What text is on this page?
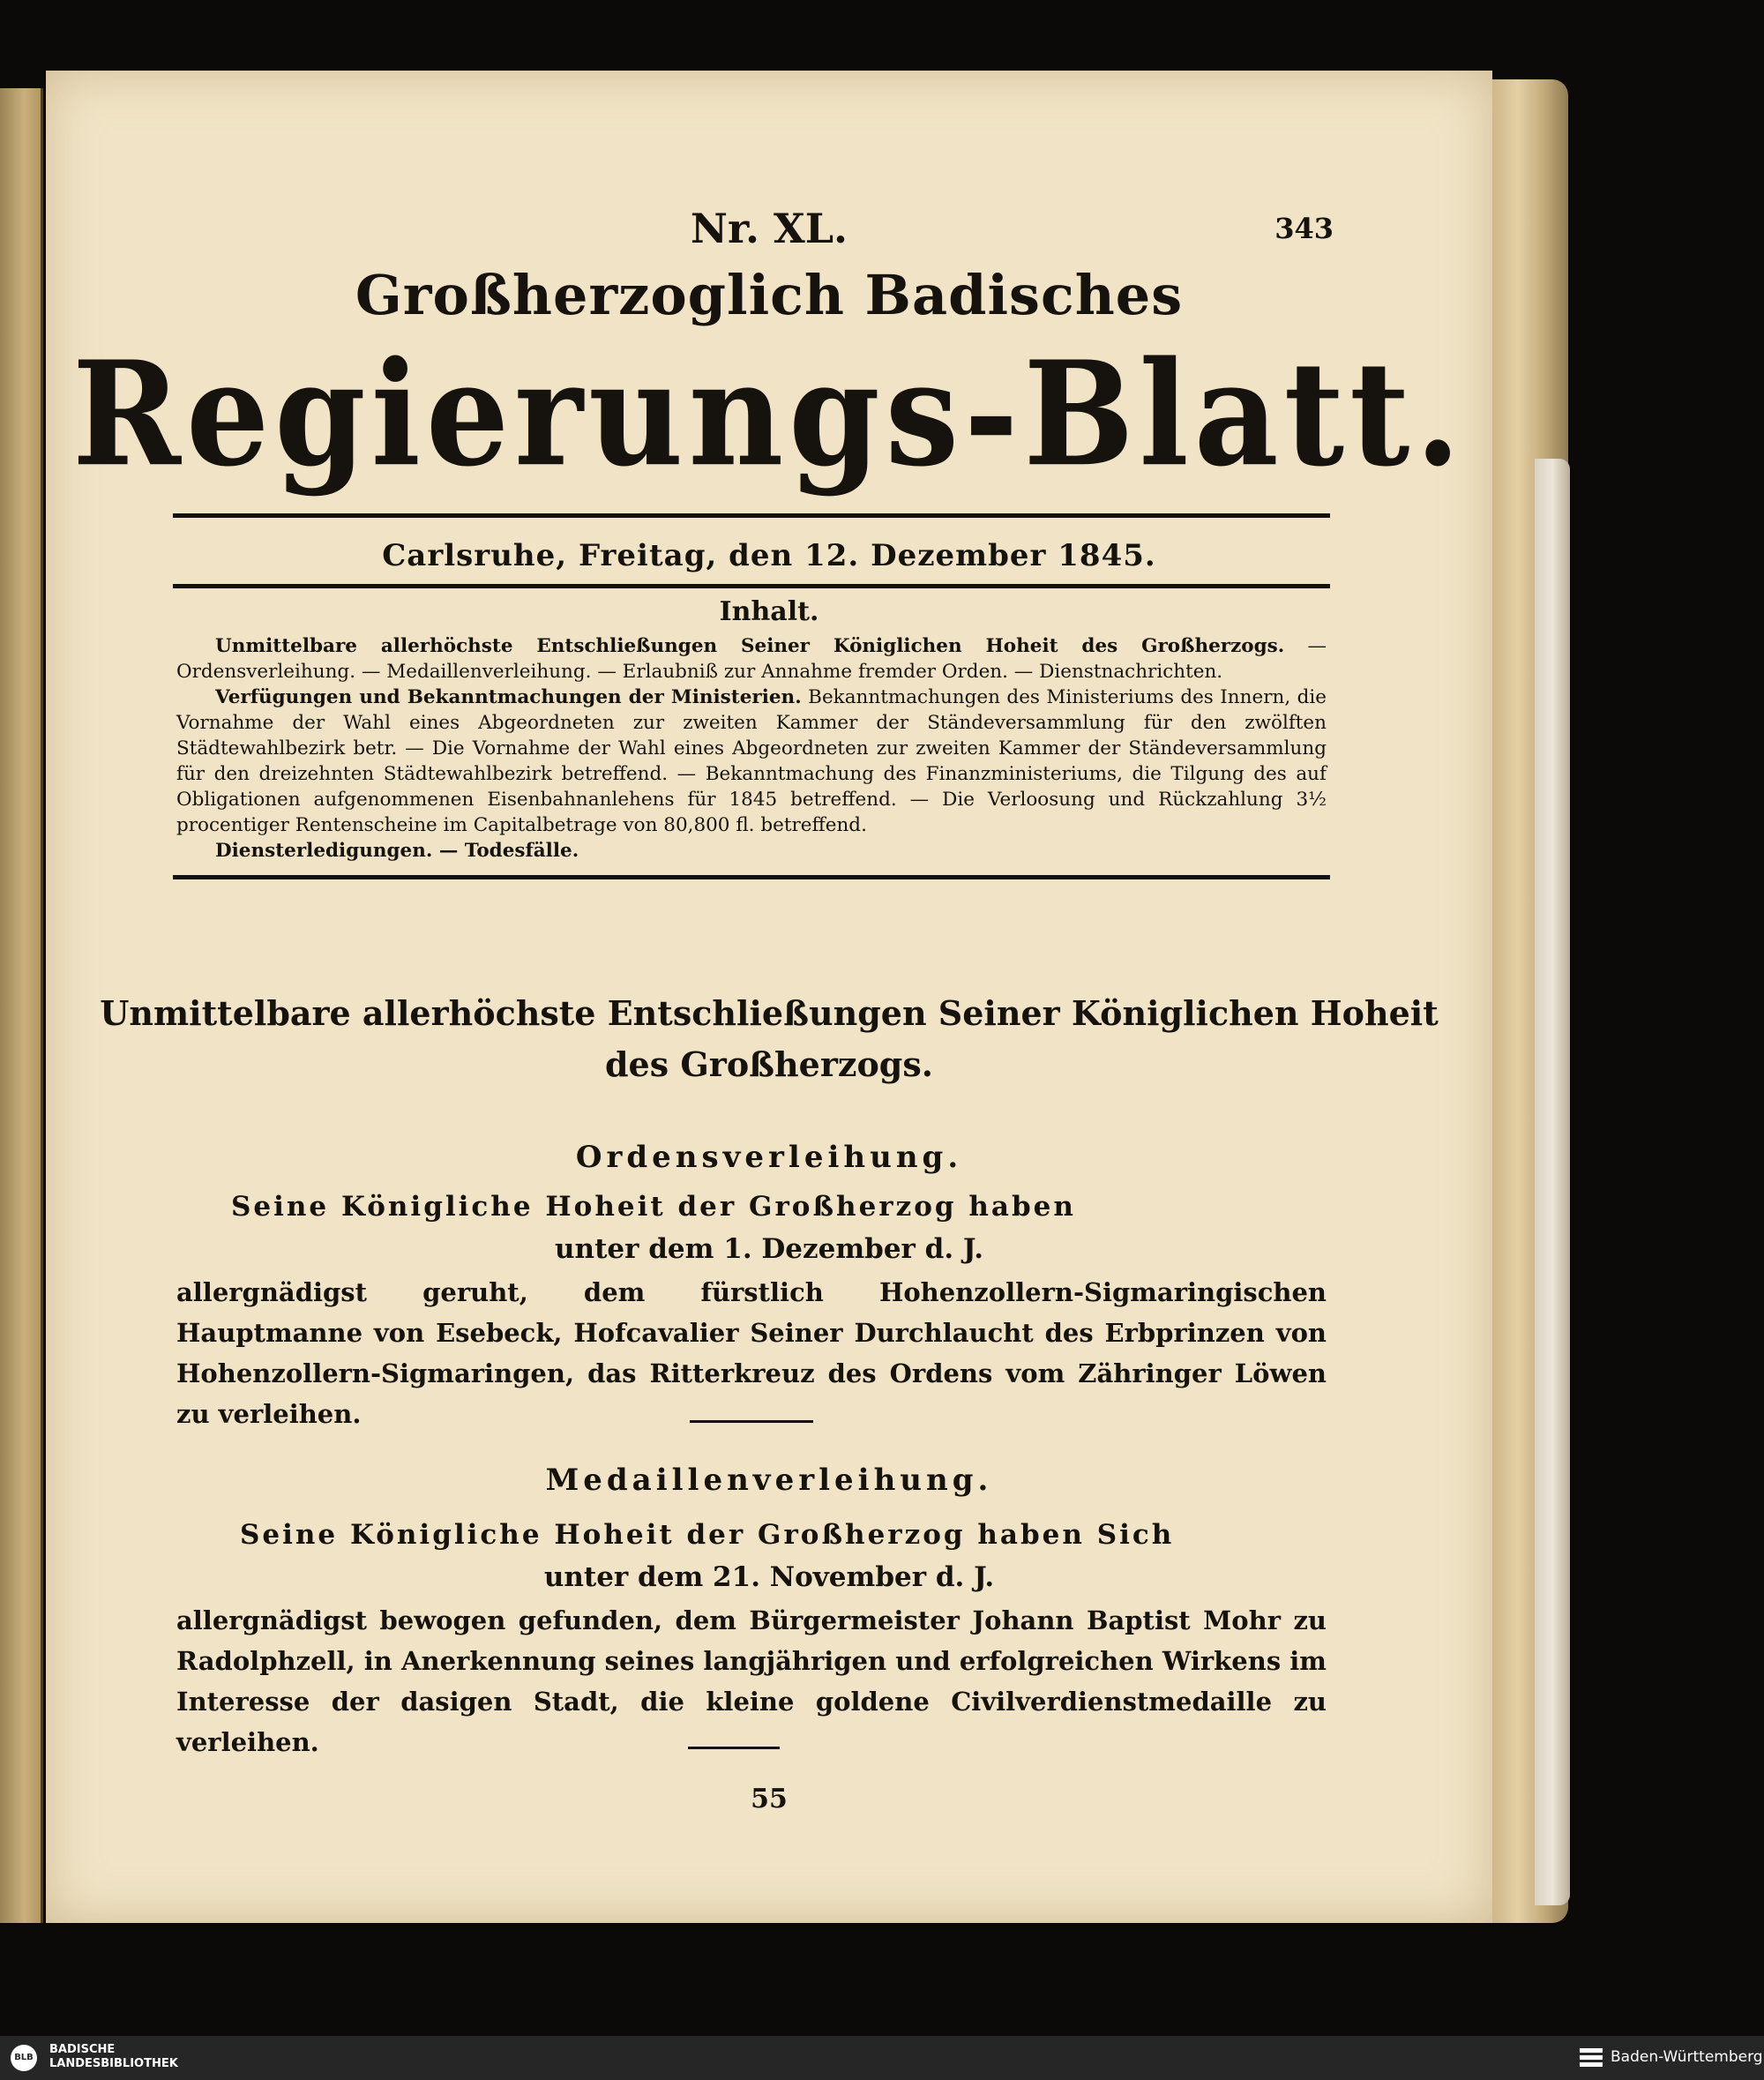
Nr. XL.	343
Großherzoglich Badisches
Regierungs-Blatt.
Carlsruhe, Freitag, den 12. Dezember 1845.
Inhalt.

Unmittelbare allerhöchste Entschließungen Seiner Königlichen Hoheit des Großherzogs. — Ordensverleihung. — Medaillenverleihung. — Erlaubniß zur Annahme fremder Orden. — Dienstnachrichten.

Verfügungen und Bekanntmachungen der Ministerien. Bekanntmachungen des Ministeriums des Innern, die Vornahme der Wahl eines Abgeordneten zur zweiten Kammer der Ständeversammlung für den zwölften Städtewahlbezirk betr. — Die Vornahme der Wahl eines Abgeordneten zur zweiten Kammer der Ständeversammlung für den dreizehnten Städtewahlbezirk betreffend. — Bekanntmachung des Finanzministeriums, die Tilgung des auf Obligationen aufgenommenen Eisenbahnanlehens für 1845 betreffend. — Die Verloosung und Rückzahlung 3½ procentiger Rentenscheine im Capitalbetrage von 80,800 fl. betreffend.

Diensterledigungen. — Todesfälle.

Unmittelbare allerhöchste Entschließungen Seiner Königlichen Hoheit
des Großherzogs.
Ordensverleihung.
Seine Königliche Hoheit der Großherzog haben
unter dem 1. Dezember d. J.
allergnädigst geruht, dem fürstlich Hohenzollern-Sigmaringischen Hauptmanne von Esebeck, Hofcavalier Seiner Durchlaucht des Erbprinzen von Hohenzollern-Sigmaringen, das Ritterkreuz des Ordens vom Zähringer Löwen zu verleihen.
Medaillenverleihung.
Seine Königliche Hoheit der Großherzog haben Sich
unter dem 21. November d. J.
allergnädigst bewogen gefunden, dem Bürgermeister Johann Baptist Mohr zu Radolphzell, in Anerkennung seines langjährigen und erfolgreichen Wirkens im Interesse der dasigen Stadt, die kleine goldene Civilverdienstmedaille zu verleihen.
55
BLB
BADISCHE
LANDESBIBLIOTHEK	Baden-Württemberg
